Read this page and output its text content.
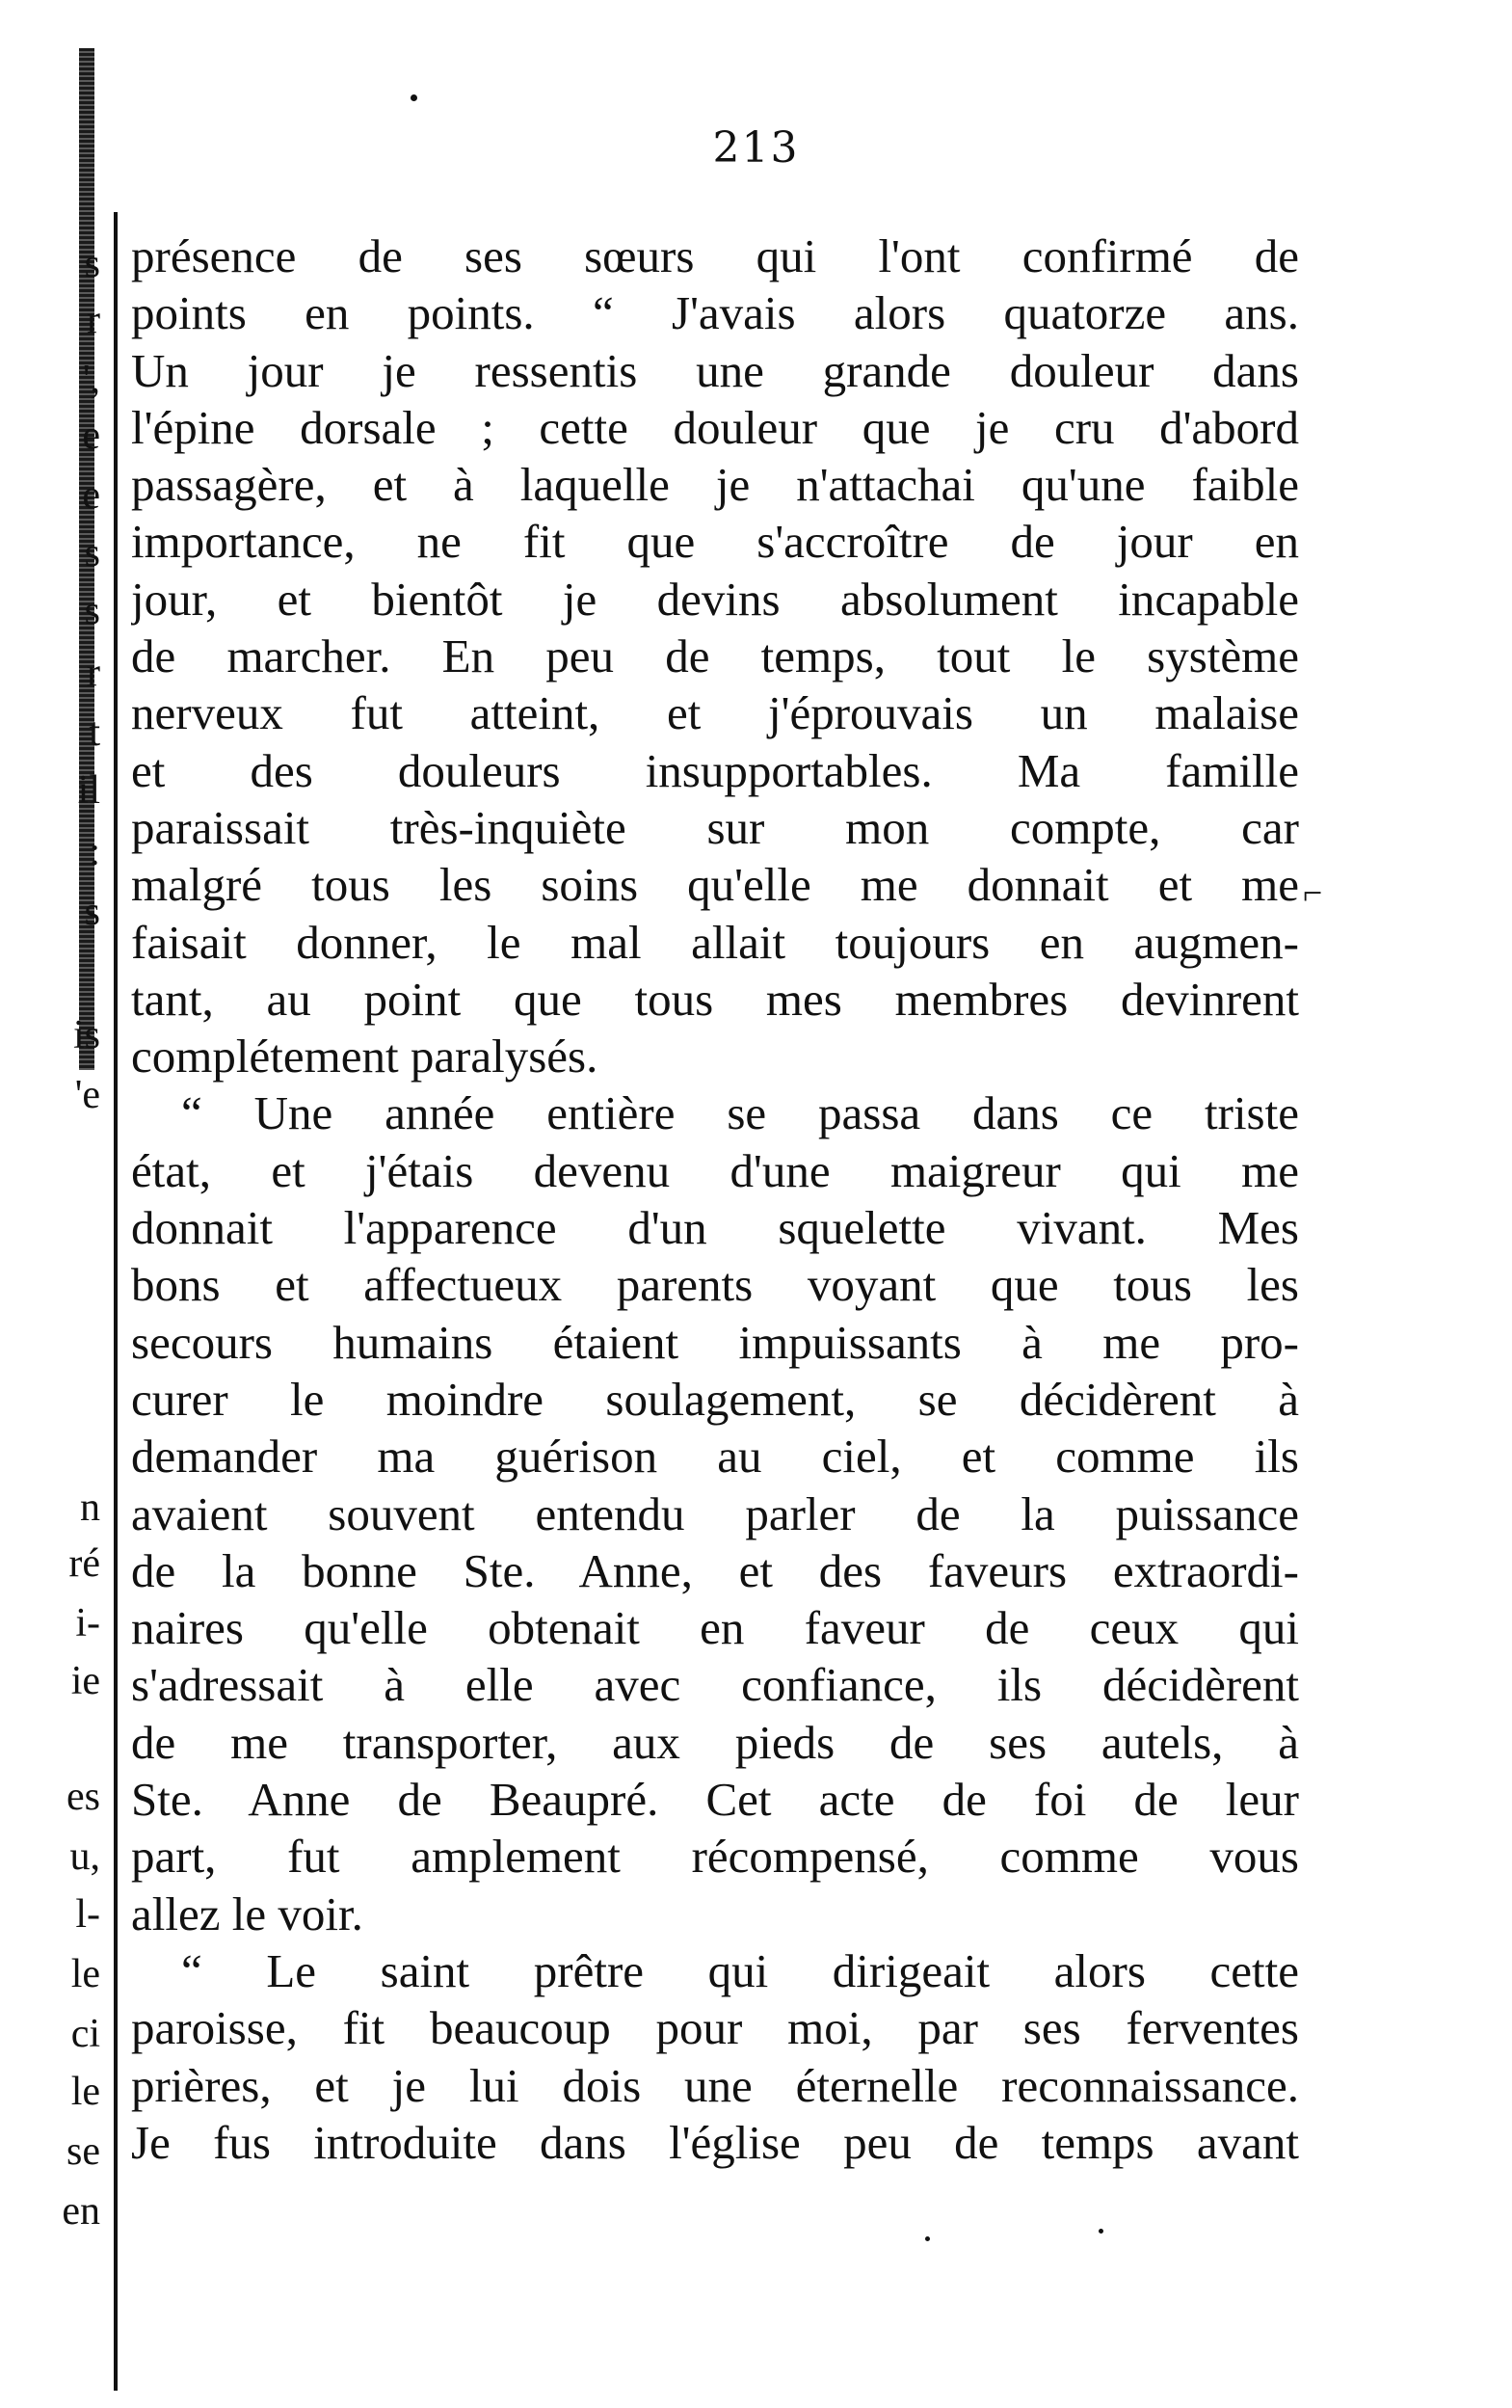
213
s
r
',
e
e
s
s
r
t
il
:
s
is
'e
n
ré
i-
ie
es
u,
l-
le
ci
le
se
en
présence de ses sœurs qui l'ont confirmé de
points en points. “ J'avais alors quatorze ans.
Un jour je ressentis une grande douleur dans
l'épine dorsale ; cette douleur que je cru d'abord
passagère, et à laquelle je n'attachai qu'une faible
importance, ne fit que s'accroître de jour en
jour, et bientôt je devins absolument incapable
de marcher. En peu de temps, tout le système
nerveux fut atteint, et j'éprouvais un malaise
et des douleurs insupportables. Ma famille
paraissait très-inquiète sur mon compte, car
malgré tous les soins qu'elle me donnait et me
faisait donner, le mal allait toujours en augmen-
tant, au point que tous mes membres devinrent
complétement paralysés.
“ Une année entière se passa dans ce triste
état, et j'étais devenu d'une maigreur qui me
donnait l'apparence d'un squelette vivant. Mes
bons et affectueux parents voyant que tous les
secours humains étaient impuissants à me pro-
curer le moindre soulagement, se décidèrent à
demander ma guérison au ciel, et comme ils
avaient souvent entendu parler de la puissance
de la bonne Ste. Anne, et des faveurs extraordi-
naires qu'elle obtenait en faveur de ceux qui
s'adressait à elle avec confiance, ils décidèrent
de me transporter, aux pieds de ses autels, à
Ste. Anne de Beaupré. Cet acte de foi de leur
part, fut amplement récompensé, comme vous
allez le voir.
“ Le saint prêtre qui dirigeait alors cette
paroisse, fit beaucoup pour moi, par ses ferventes
prières, et je lui dois une éternelle reconnaissance.
Je fus introduite dans l'église peu de temps avant
⌐
